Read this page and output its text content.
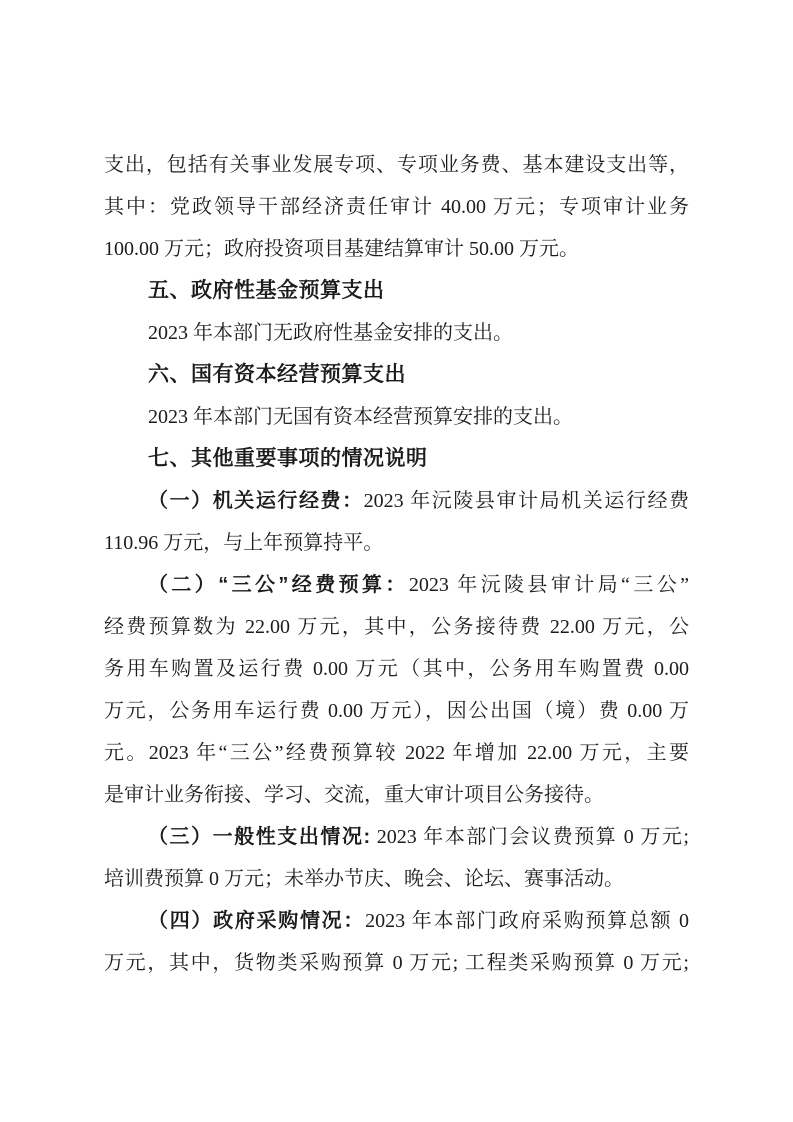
支出，包括有关事业发展专项、专项业务费、基本建设支出等，
其中：党政领导干部经济责任审计 40.00 万元；专项审计业务
100.00 万元；政府投资项目基建结算审计 50.00 万元。
五、政府性基金预算支出
2023 年本部门无政府性基金安排的支出。
六、国有资本经营预算支出
2023 年本部门无国有资本经营预算安排的支出。
七、其他重要事项的情况说明
（一）机关运行经费：2023 年沅陵县审计局机关运行经费
110.96 万元，与上年预算持平。
（二）“三公”经费预算：2023 年沅陵县审计局“三公”
经费预算数为 22.00 万元，其中，公务接待费 22.00 万元，公
务用车购置及运行费 0.00 万元（其中，公务用车购置费 0.00
万元，公务用车运行费 0.00 万元），因公出国（境）费 0.00 万
元。2023 年“三公”经费预算较 2022 年增加 22.00 万元，主要
是审计业务衔接、学习、交流，重大审计项目公务接待。
（三）一般性支出情况: 2023 年本部门会议费预算 0 万元;
培训费预算 0 万元；未举办节庆、晚会、论坛、赛事活动。
（四）政府采购情况：2023 年本部门政府采购预算总额 0
万元，其中，货物类采购预算 0 万元; 工程类采购预算 0 万元;
